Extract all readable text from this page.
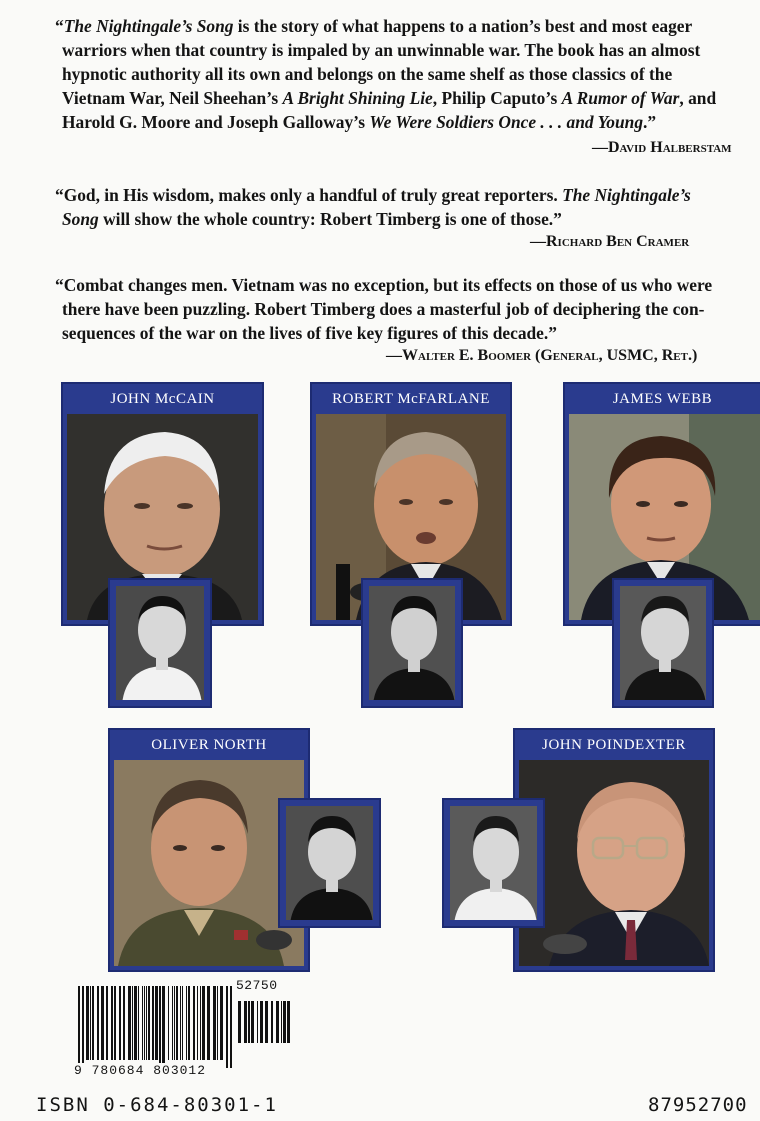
“The Nightingale’s Song is the story of what happens to a nation’s best and most eager
warriors when that country is impaled by an unwinnable war. The book has an almost
hypnotic authority all its own and belongs on the same shelf as those classics of the
Vietnam War, Neil Sheehan’s A Bright Shining Lie, Philip Caputo’s A Rumor of War, and
Harold G. Moore and Joseph Galloway’s We Were Soldiers Once . . . and Young.”
—David Halberstam
“God, in His wisdom, makes only a handful of truly great reporters. The Nightingale’s
Song will show the whole country: Robert Timberg is one of those.”
—Richard Ben Cramer
“Combat changes men. Vietnam was no exception, but its effects on those of us who were
there have been puzzling. Robert Timberg does a masterful job of deciphering the con-
sequences of the war on the lives of five key figures of this decade.”
—Walter E. Boomer (General, USMC, Ret.)
JOHN McCAIN	ROBERT McFARLANE	JAMES WEBB
OLIVER NORTH	JOHN POINDEXTER
9 780684 803012
52750
ISBN 0-684-80301-1	87952700
